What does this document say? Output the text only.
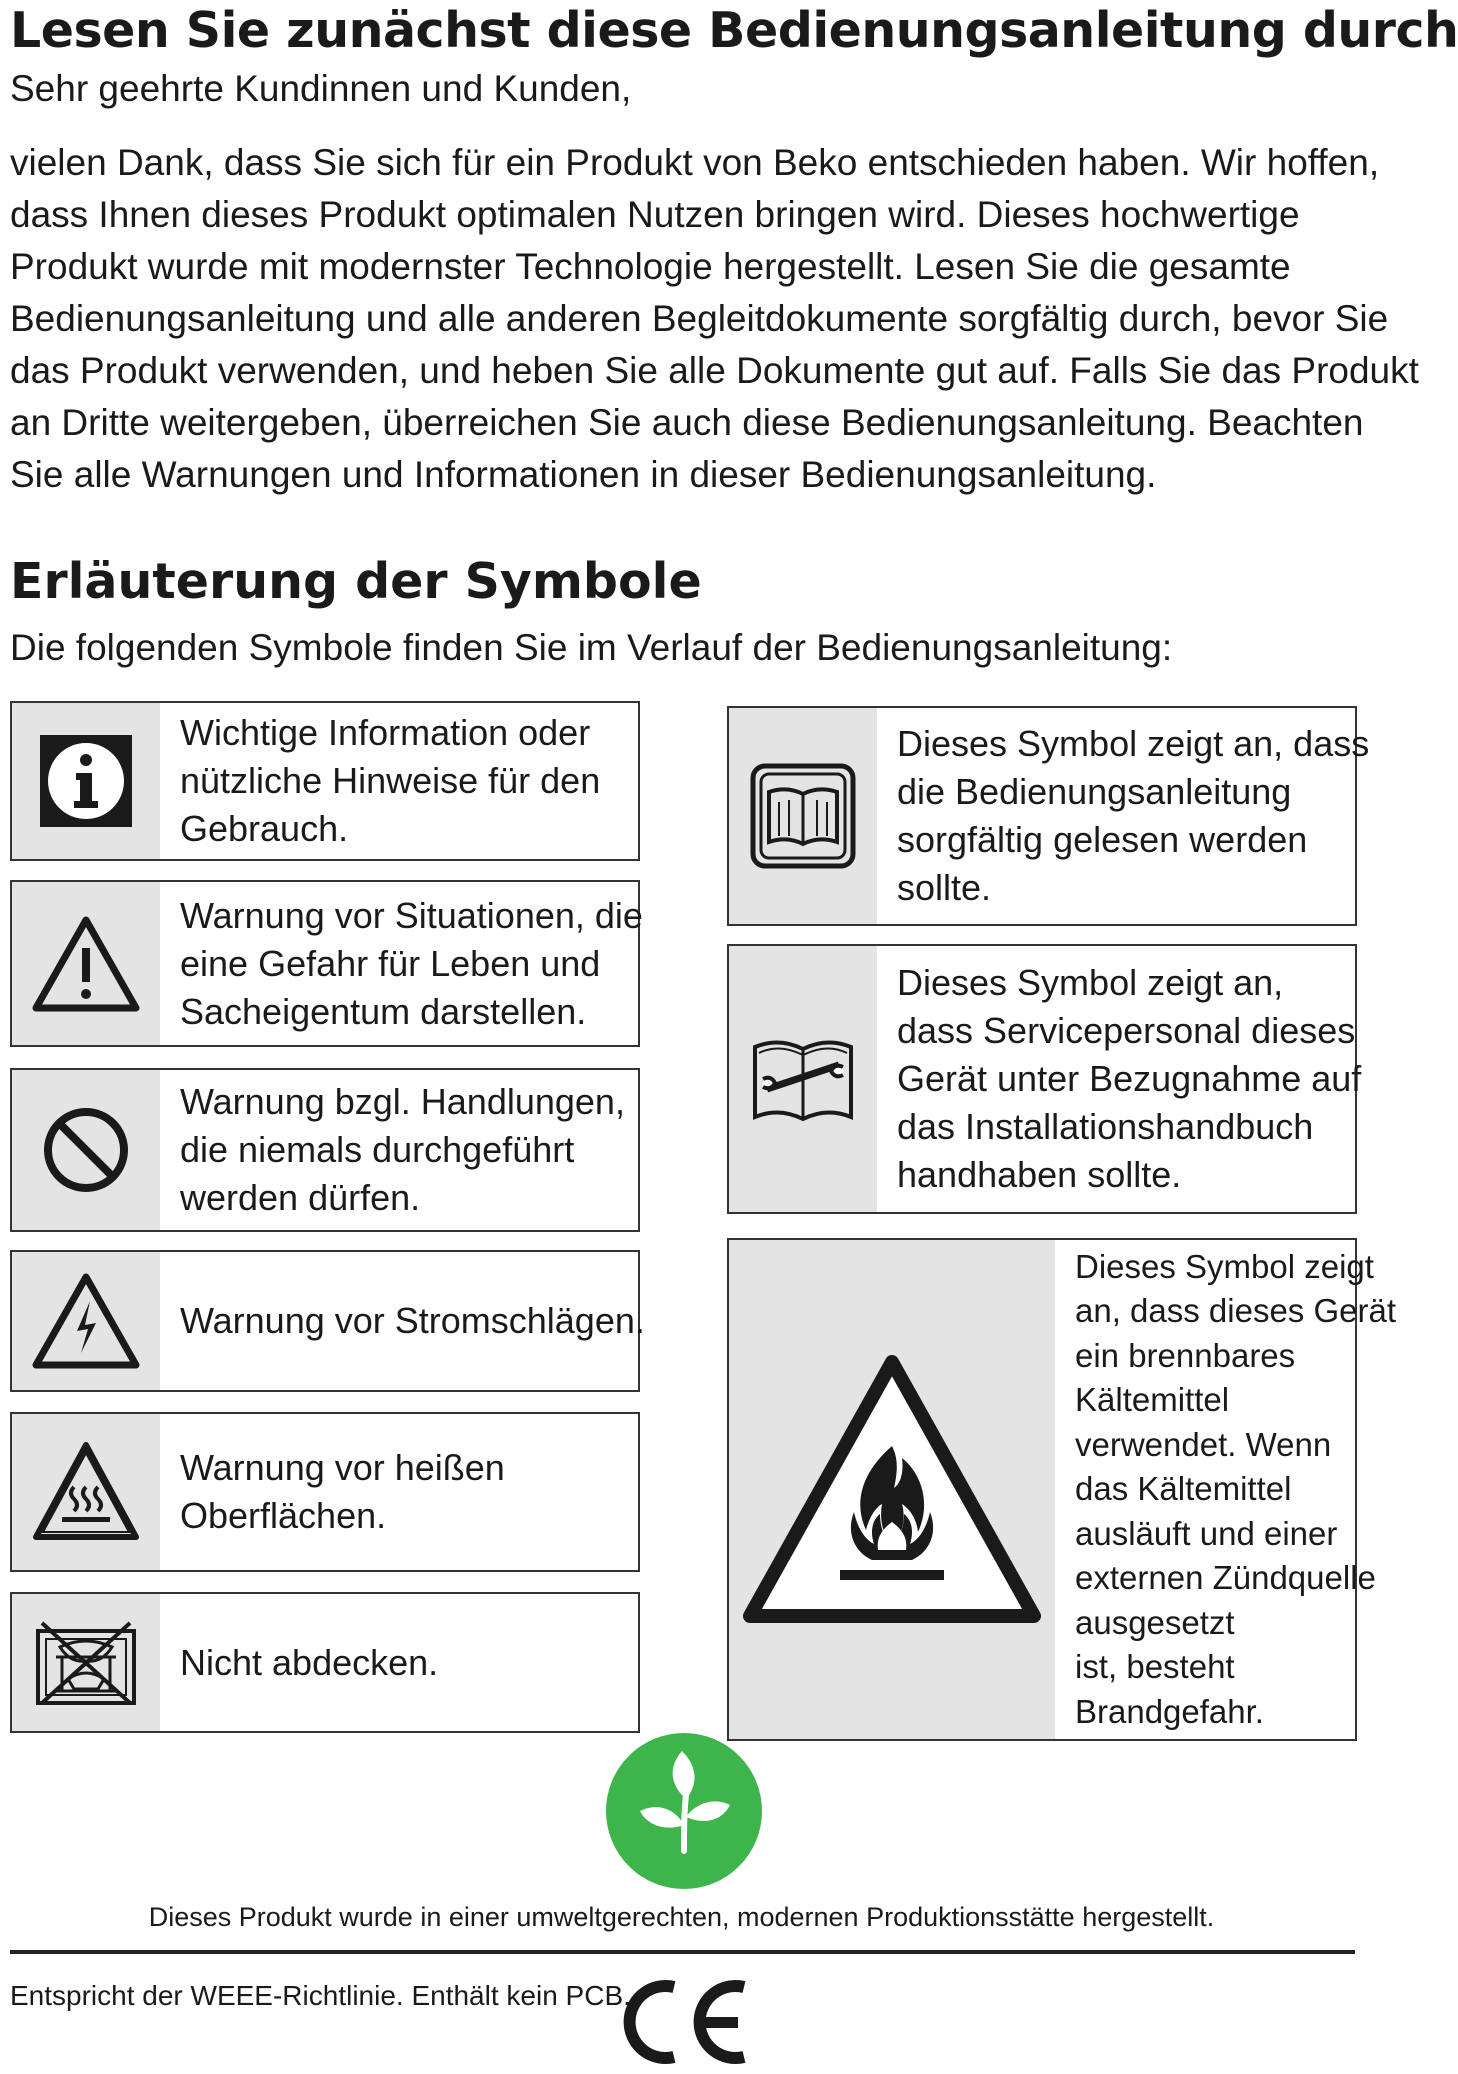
Lesen Sie zunächst diese Bedienungsanleitung durch
Sehr geehrte Kundinnen und Kunden,
vielen Dank, dass Sie sich für ein Produkt von Beko entschieden haben. Wir hoffen,
dass Ihnen dieses Produkt optimalen Nutzen bringen wird. Dieses hochwertige
Produkt wurde mit modernster Technologie hergestellt. Lesen Sie die gesamte
Bedienungsanleitung und alle anderen Begleitdokumente sorgfältig durch, bevor Sie
das Produkt verwenden, und heben Sie alle Dokumente gut auf. Falls Sie das Produkt
an Dritte weitergeben, überreichen Sie auch diese Bedienungsanleitung. Beachten
Sie alle Warnungen und Informationen in dieser Bedienungsanleitung.
Erläuterung der Symbole
Die folgenden Symbole finden Sie im Verlauf der Bedienungsanleitung:
Wichtige Information oder
nützliche Hinweise für den
Gebrauch.
Warnung vor Situationen, die
eine Gefahr für Leben und
Sacheigentum darstellen.
Warnung bzgl. Handlungen,
die niemals durchgeführt
werden dürfen.
Warnung vor Stromschlägen.
Warnung vor heißen
Oberflächen.
Nicht abdecken.
Dieses Symbol zeigt an, dass
die Bedienungsanleitung
sorgfältig gelesen werden
sollte.
Dieses Symbol zeigt an,
dass Servicepersonal dieses
Gerät unter Bezugnahme auf
das Installationshandbuch
handhaben sollte.
Dieses Symbol zeigt
an, dass dieses Gerät
ein brennbares
Kältemittel
verwendet. Wenn
das Kältemittel
ausläuft und einer
externen Zündquelle
ausgesetzt
ist, besteht
Brandgefahr.
Dieses Produkt wurde in einer umweltgerechten, modernen Produktionsstätte hergestellt.
Entspricht der WEEE-Richtlinie. Enthält kein PCB.
